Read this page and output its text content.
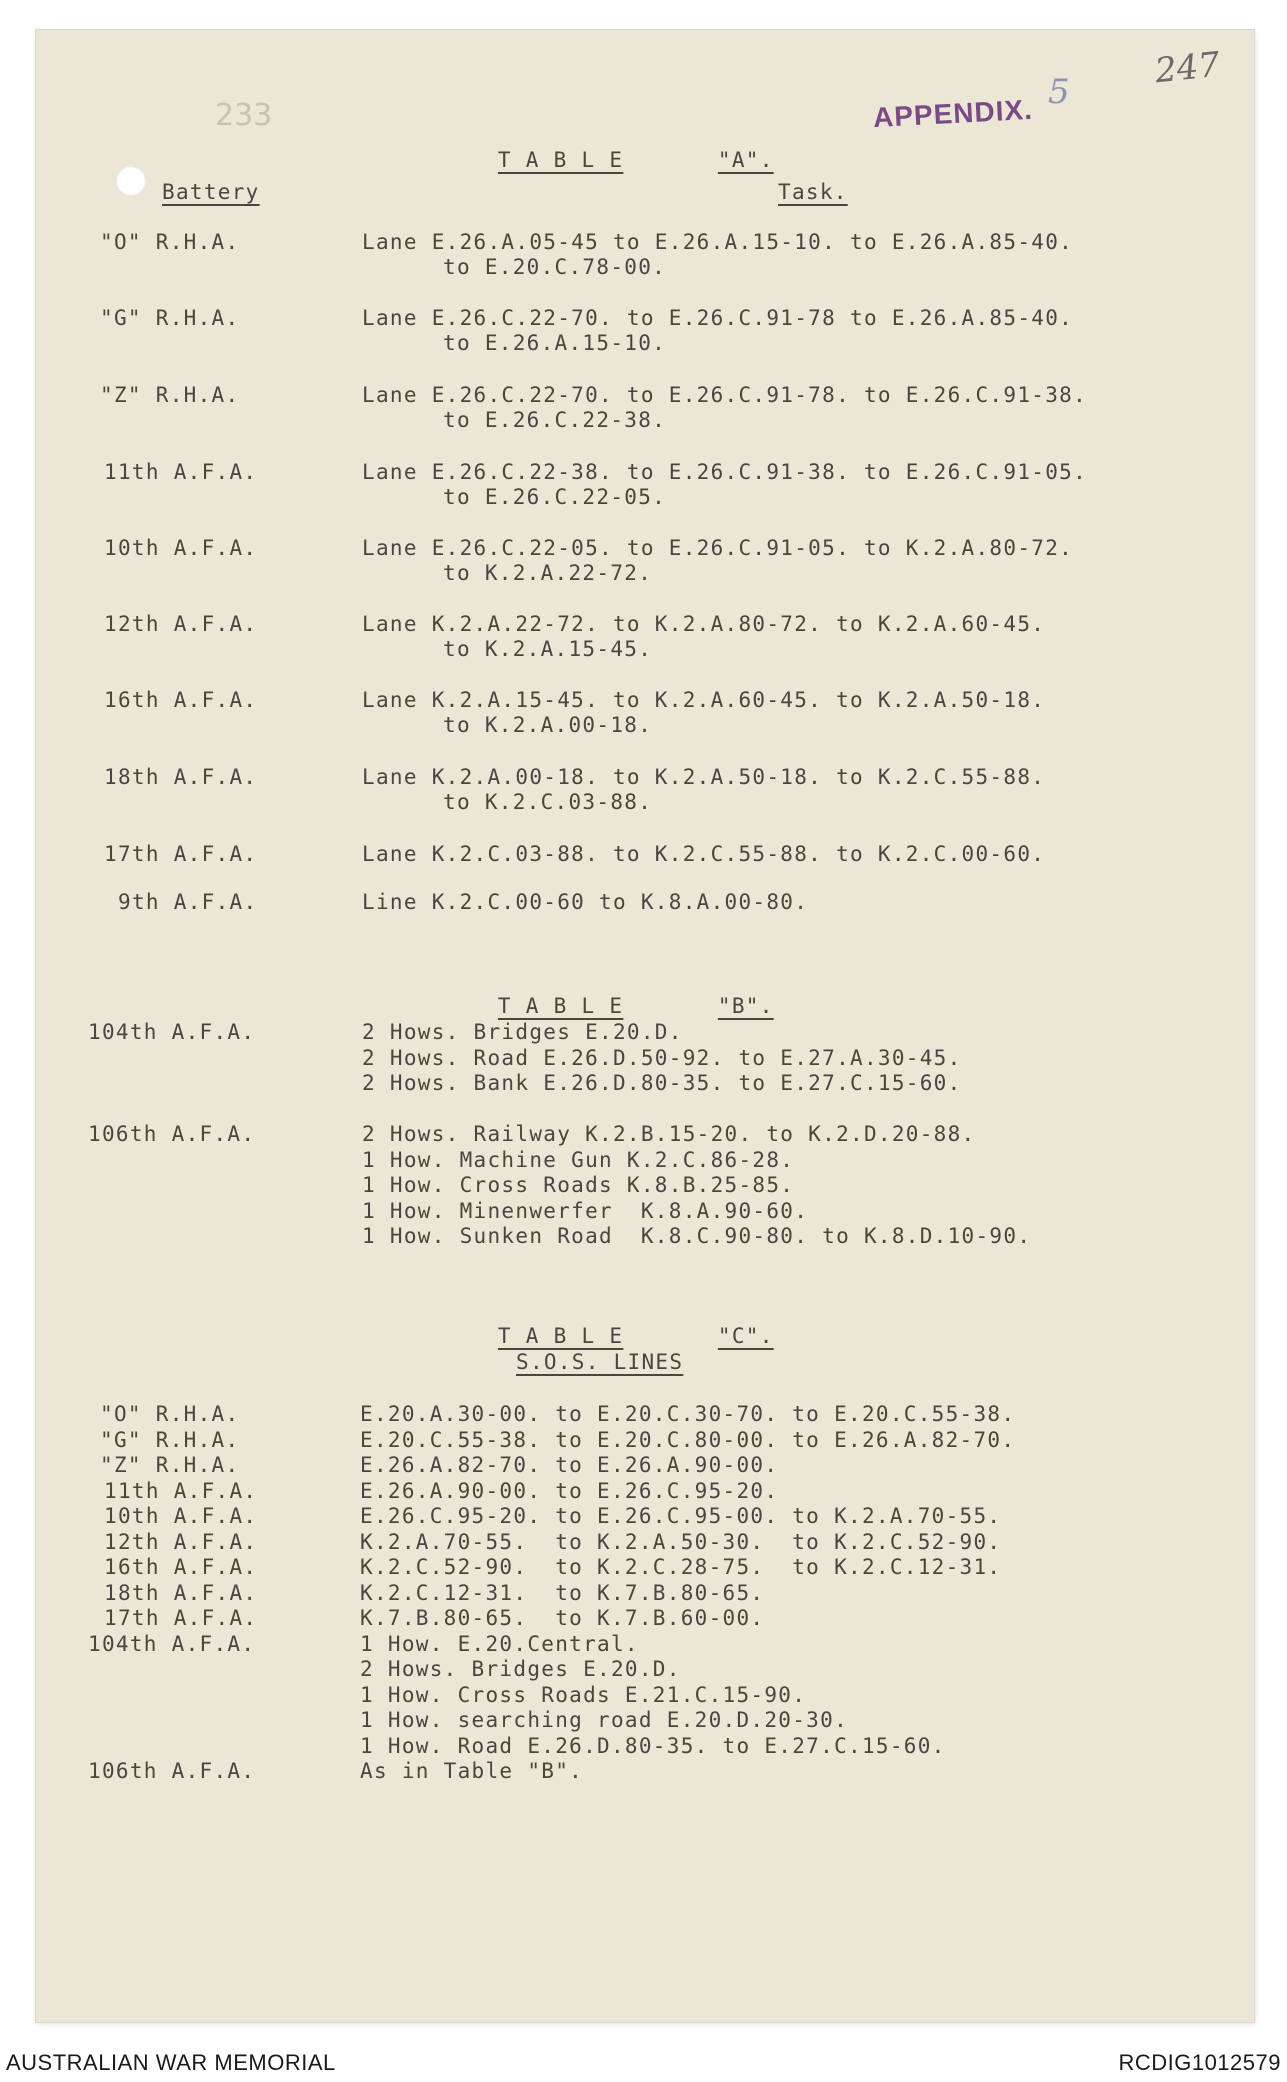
233
247
APPENDIX.
5

T A B L E	"A".

Battery	Task.

T A B L E	"B".

T A B L E	"C".

S.O.S. LINES
AUSTRALIAN WAR MEMORIAL	RCDIG1012579
"O" R.H.A.	Lane E.26.A.05-45 to E.26.A.15-10. to E.26.A.85-40.
to E.20.C.78-00.
"G" R.H.A.	Lane E.26.C.22-70. to E.26.C.91-78 to E.26.A.85-40.
to E.26.A.15-10.
"Z" R.H.A.	Lane E.26.C.22-70. to E.26.C.91-78. to E.26.C.91-38.
to E.26.C.22-38.
11th A.F.A.	Lane E.26.C.22-38. to E.26.C.91-38. to E.26.C.91-05.
to E.26.C.22-05.
10th A.F.A.	Lane E.26.C.22-05. to E.26.C.91-05. to K.2.A.80-72.
to K.2.A.22-72.
12th A.F.A.	Lane K.2.A.22-72. to K.2.A.80-72. to K.2.A.60-45.
to K.2.A.15-45.
16th A.F.A.	Lane K.2.A.15-45. to K.2.A.60-45. to K.2.A.50-18.
to K.2.A.00-18.
18th A.F.A.	Lane K.2.A.00-18. to K.2.A.50-18. to K.2.C.55-88.
to K.2.C.03-88.
17th A.F.A.	Lane K.2.C.03-88. to K.2.C.55-88. to K.2.C.00-60.
9th A.F.A.	Line K.2.C.00-60 to K.8.A.00-80.
104th A.F.A.	2 Hows. Bridges E.20.D.
2 Hows. Road E.26.D.50-92. to E.27.A.30-45.
2 Hows. Bank E.26.D.80-35. to E.27.C.15-60.
106th A.F.A.	2 Hows. Railway K.2.B.15-20. to K.2.D.20-88.
1 How. Machine Gun K.2.C.86-28.
1 How. Cross Roads K.8.B.25-85.
1 How. Minenwerfer  K.8.A.90-60.
1 How. Sunken Road  K.8.C.90-80. to K.8.D.10-90.
"O" R.H.A.	E.20.A.30-00. to E.20.C.30-70. to E.20.C.55-38.
"G" R.H.A.	E.20.C.55-38. to E.20.C.80-00. to E.26.A.82-70.
"Z" R.H.A.	E.26.A.82-70. to E.26.A.90-00.
11th A.F.A.	E.26.A.90-00. to E.26.C.95-20.
10th A.F.A.	E.26.C.95-20. to E.26.C.95-00. to K.2.A.70-55.
12th A.F.A.	K.2.A.70-55.  to K.2.A.50-30.  to K.2.C.52-90.
16th A.F.A.	K.2.C.52-90.  to K.2.C.28-75.  to K.2.C.12-31.
18th A.F.A.	K.2.C.12-31.  to K.7.B.80-65.
17th A.F.A.	K.7.B.80-65.  to K.7.B.60-00.
104th A.F.A.	1 How. E.20.Central.
2 Hows. Bridges E.20.D.
1 How. Cross Roads E.21.C.15-90.
1 How. searching road E.20.D.20-30.
1 How. Road E.26.D.80-35. to E.27.C.15-60.
106th A.F.A.	As in Table "B".
